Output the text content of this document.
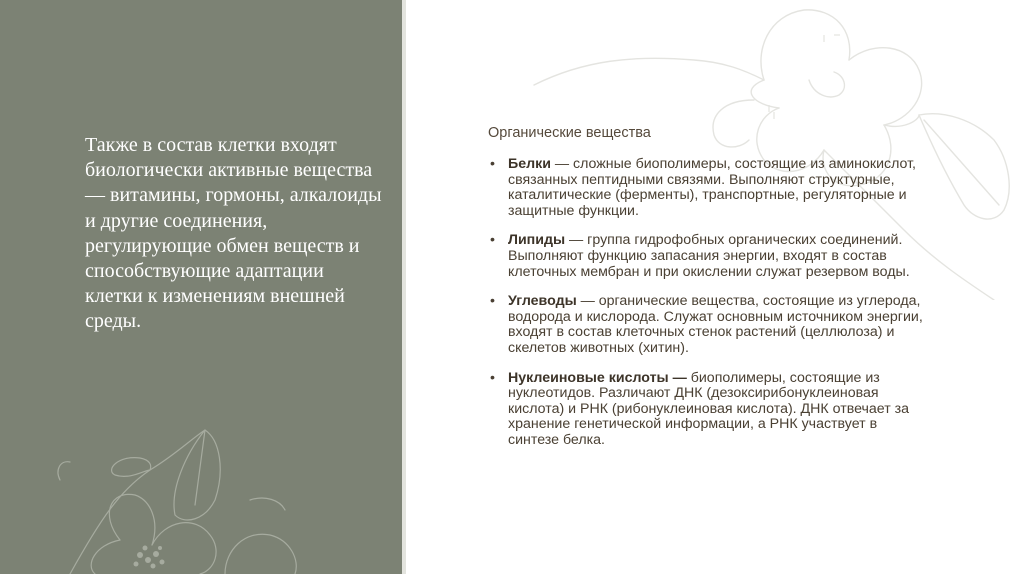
Также в состав клетки входят биологически активные вещества — витамины, гормоны, алкалоиды и другие соединения, регулирующие обмен веществ и способствующие адаптации клетки к изменениям внешней среды.

Органические вещества

• Белки — сложные биополимеры, состоящие из аминокислот, связанных пептидными связями. Выполняют структурные, каталитические (ферменты), транспортные, регуляторные и защитные функции.
• Липиды — группа гидрофобных органических соединений. Выполняют функцию запасания энергии, входят в состав клеточных мембран и при окислении служат резервом воды.
• Углеводы — органические вещества, состоящие из углерода, водорода и кислорода. Служат основным источником энергии, входят в состав клеточных стенок растений (целлюлоза) и скелетов животных (хитин).
• Нуклеиновые кислоты — биополимеры, состоящие из нуклеотидов. Различают ДНК (дезоксирибонуклеиновая кислота) и РНК (рибонуклеиновая кислота). ДНК отвечает за хранение генетической информации, а РНК участвует в синтезе белка.
